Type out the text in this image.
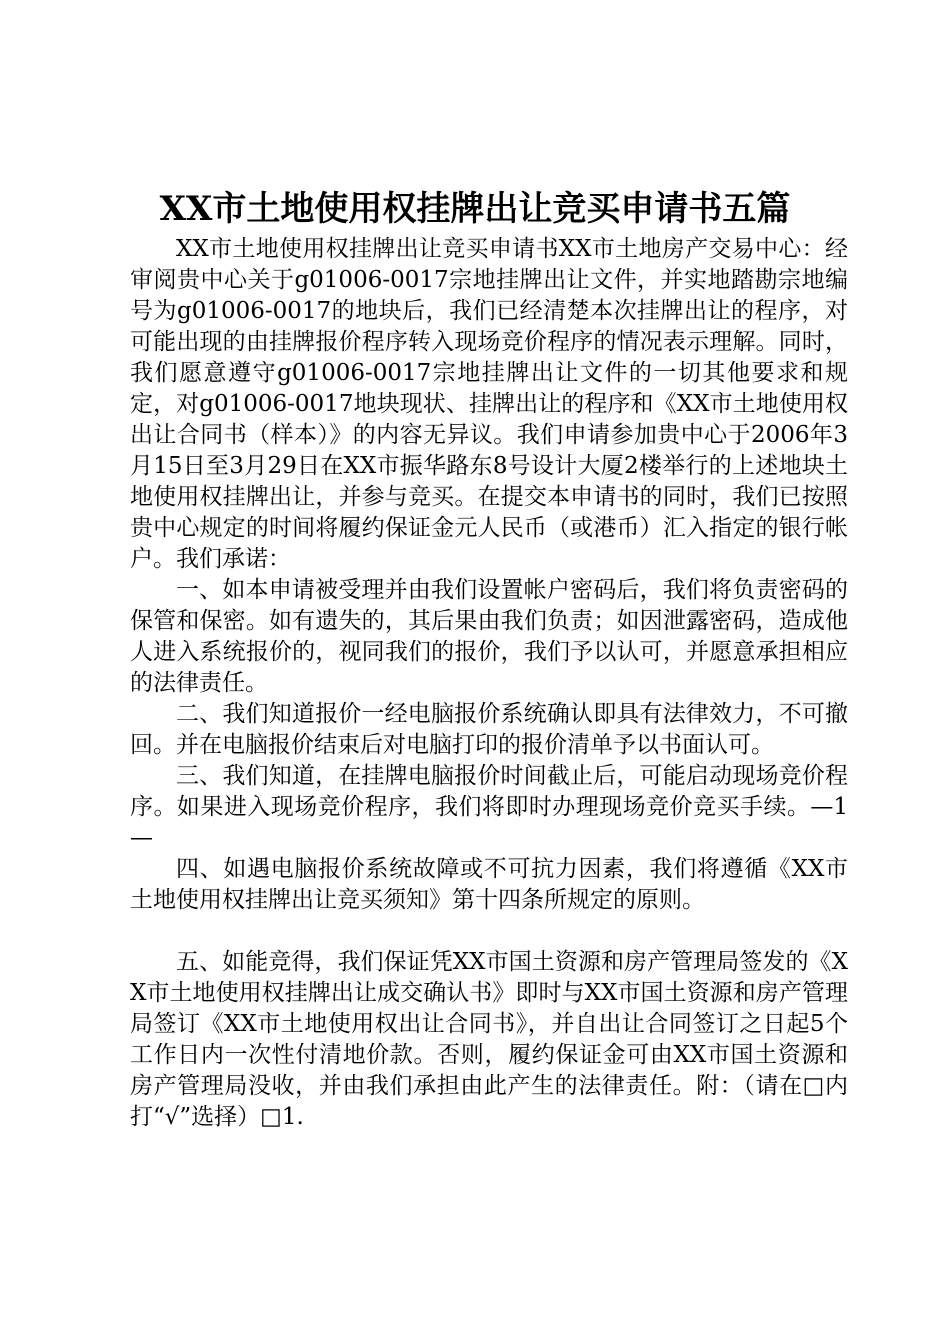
XX市土地使用权挂牌出让竞买申请书五篇

XX市土地使用权挂牌出让竞买申请书XX市土地房产交易中心：经审阅贵中心关于g01006-0017宗地挂牌出让文件，并实地踏勘宗地编号为g01006-0017的地块后，我们已经清楚本次挂牌出让的程序，对可能出现的由挂牌报价程序转入现场竞价程序的情况表示理解。同时，我们愿意遵守g01006-0017宗地挂牌出让文件的一切其他要求和规定，对g01006-0017地块现状、挂牌出让的程序和《XX市土地使用权出让合同书（样本）》的内容无异议。我们申请参加贵中心于2006年3月15日至3月29日在XX市振华路东8号设计大厦2楼举行的上述地块土地使用权挂牌出让，并参与竞买。在提交本申请书的同时，我们已按照贵中心规定的时间将履约保证金元人民币（或港币）汇入指定的银行帐户。我们承诺：

一、如本申请被受理并由我们设置帐户密码后，我们将负责密码的保管和保密。如有遗失的，其后果由我们负责；如因泄露密码，造成他人进入系统报价的，视同我们的报价，我们予以认可，并愿意承担相应的法律责任。

二、我们知道报价一经电脑报价系统确认即具有法律效力，不可撤回。并在电脑报价结束后对电脑打印的报价清单予以书面认可。

三、我们知道，在挂牌电脑报价时间截止后，可能启动现场竞价程序。如果进入现场竞价程序，我们将即时办理现场竞价竞买手续。—1—

四、如遇电脑报价系统故障或不可抗力因素，我们将遵循《XX市土地使用权挂牌出让竞买须知》第十四条所规定的原则。

五、如能竞得，我们保证凭XX市国土资源和房产管理局签发的《XX市土地使用权挂牌出让成交确认书》即时与XX市国土资源和房产管理局签订《XX市土地使用权出让合同书》，并自出让合同签订之日起5个工作日内一次性付清地价款。否则，履约保证金可由XX市国土资源和房产管理局没收，并由我们承担由此产生的法律责任。附：（请在□内打“√”选择）□1.
